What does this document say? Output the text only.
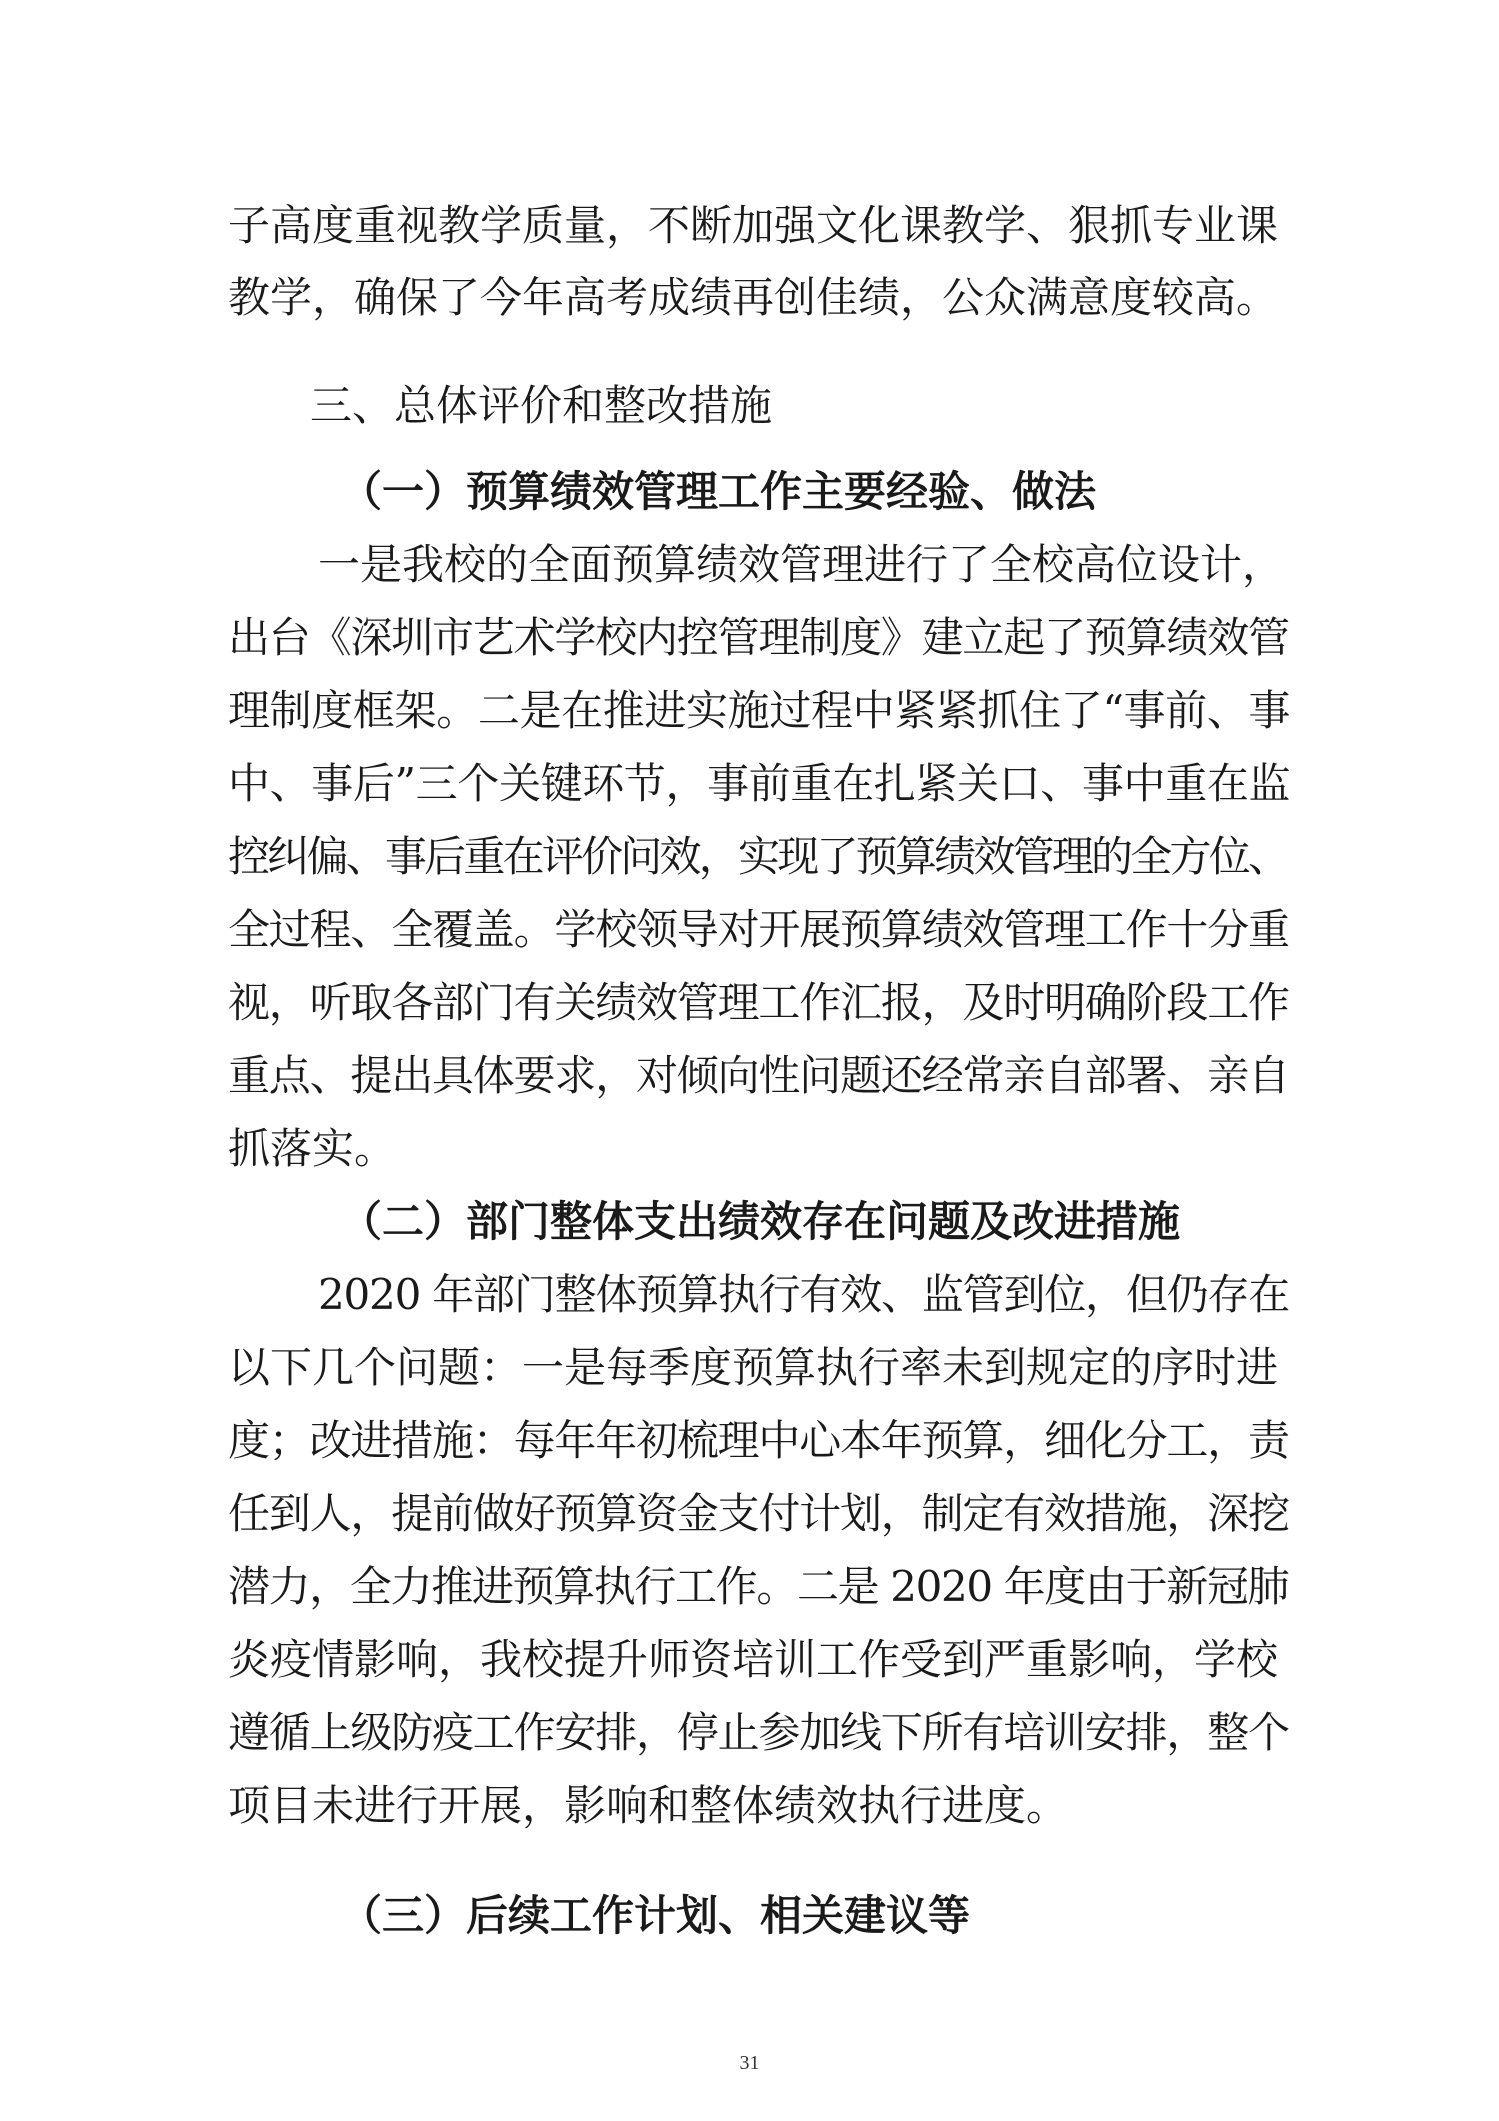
子高度重视教学质量，不断加强文化课教学、狠抓专业课
教学，确保了今年高考成绩再创佳绩，公众满意度较高。
三、总体评价和整改措施
（一）预算绩效管理工作主要经验、做法
一是我校的全面预算绩效管理进行了全校高位设计，
出台《深圳市艺术学校内控管理制度》建立起了预算绩效管
理制度框架。二是在推进实施过程中紧紧抓住了“事前、事
中、事后”三个关键环节，事前重在扎紧关口、事中重在监
控纠偏、事后重在评价问效，实现了预算绩效管理的全方位、
全过程、全覆盖。学校领导对开展预算绩效管理工作十分重
视，听取各部门有关绩效管理工作汇报，及时明确阶段工作
重点、提出具体要求，对倾向性问题还经常亲自部署、亲自
抓落实。
（二）部门整体支出绩效存在问题及改进措施
2020 年部门整体预算执行有效、监管到位，但仍存在
以下几个问题：一是每季度预算执行率未到规定的序时进
度；改进措施：每年年初梳理中心本年预算，细化分工，责
任到人，提前做好预算资金支付计划，制定有效措施，深挖
潜力，全力推进预算执行工作。二是 2020 年度由于新冠肺
炎疫情影响，我校提升师资培训工作受到严重影响，学校
遵循上级防疫工作安排，停止参加线下所有培训安排，整个
项目未进行开展，影响和整体绩效执行进度。
（三）后续工作计划、相关建议等
31
